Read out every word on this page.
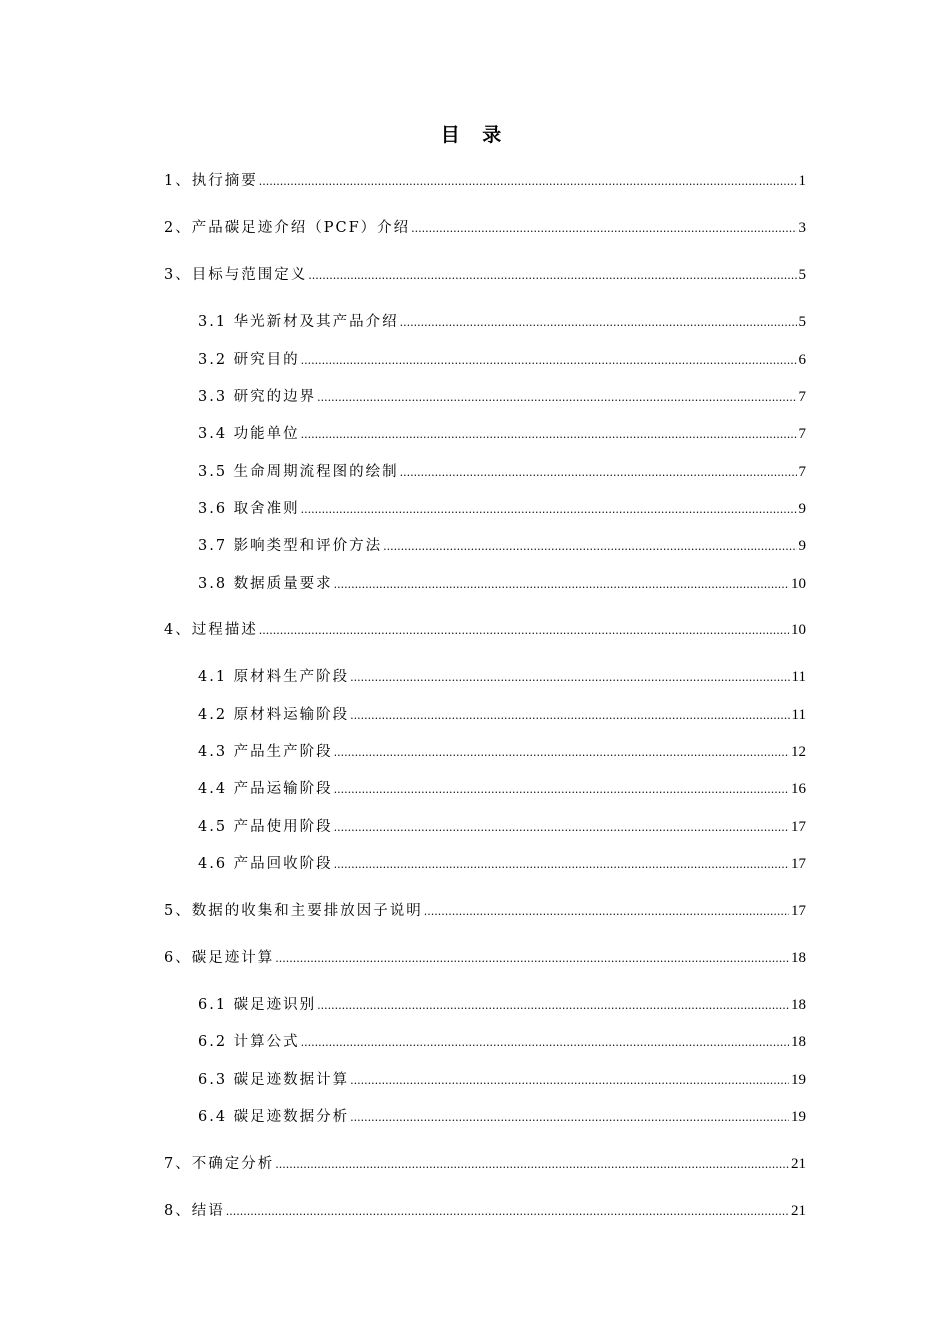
目 录
1、执行摘要 .....	1
2、产品碳足迹介绍（PCF）介绍 .....	3
3、目标与范围定义 .....	5
3.1 华光新材及其产品介绍 .....	5
3.2 研究目的 .....	6
3.3 研究的边界 .....	7
3.4 功能单位 .....	7
3.5 生命周期流程图的绘制 .....	7
3.6 取舍准则 .....	9
3.7 影响类型和评价方法 .....	9
3.8 数据质量要求 .....	10
4、过程描述 .....	10
4.1 原材料生产阶段 .....	11
4.2 原材料运输阶段 .....	11
4.3 产品生产阶段 .....	12
4.4 产品运输阶段 .....	16
4.5 产品使用阶段 .....	17
4.6 产品回收阶段 .....	17
5、数据的收集和主要排放因子说明 .....	17
6、碳足迹计算 .....	18
6.1 碳足迹识别 .....	18
6.2 计算公式 .....	18
6.3 碳足迹数据计算 .....	19
6.4 碳足迹数据分析 .....	19
7、不确定分析 .....	21
8、结语 .....	21
